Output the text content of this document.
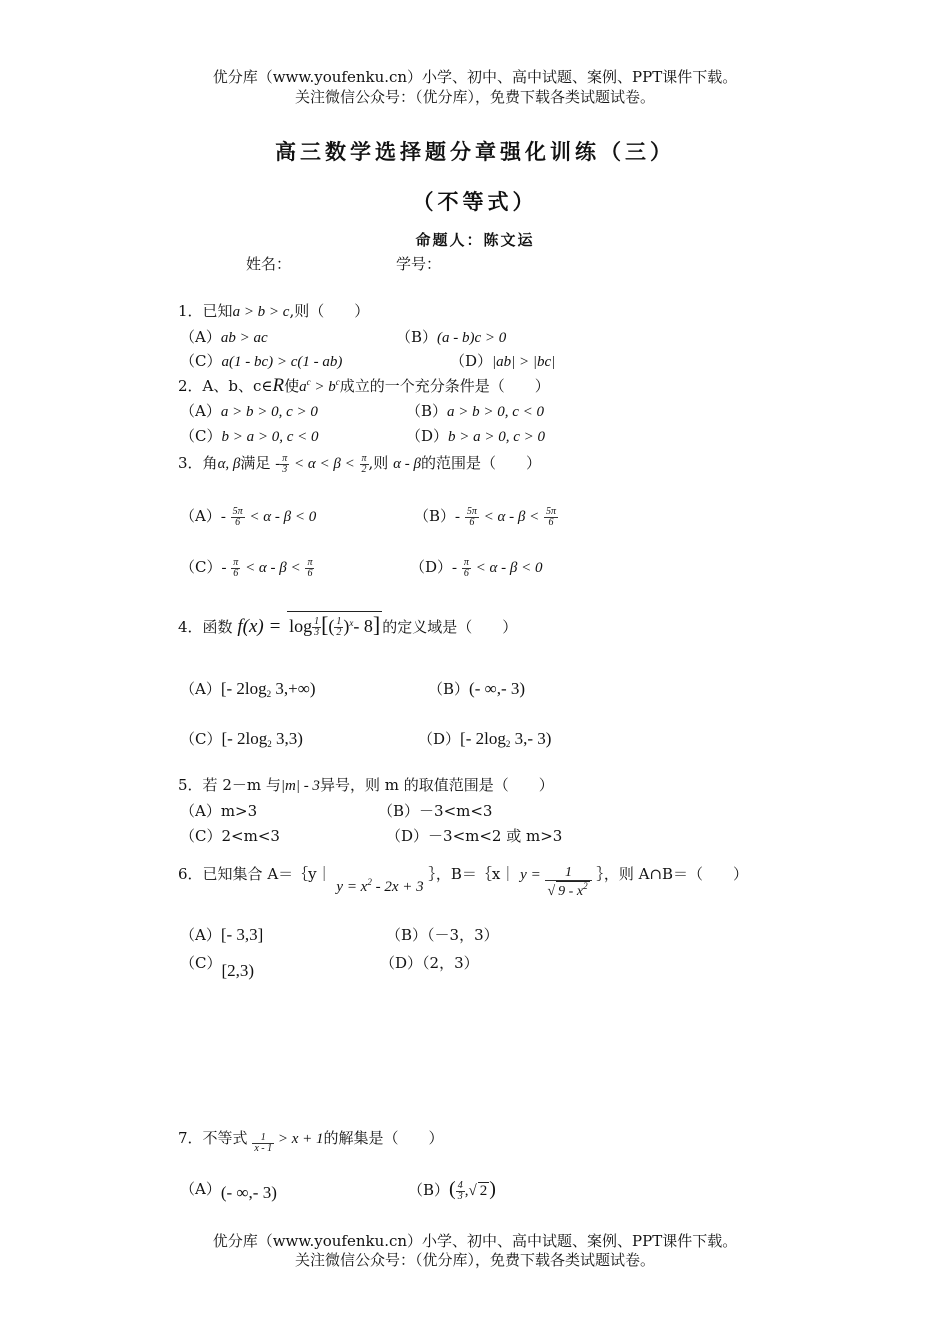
优分库（www.youfenku.cn）小学、初中、高中试题、案例、PPT课件下载。
关注微信公众号：（优分库），免费下载各类试题试卷。
高三数学选择题分章强化训练（三）
（不等式）
命题人：陈文运
姓名：	学号：
1．已知a > b > c,则（　　）
（A）ab > ac	（B）(a - b)c > 0
（C）a(1 - bc) > c(1 - ab)	（D）|ab| > |bc|
2．A、b、c∈R使$a^c > b^c$成立的一个充分条件是（　　）
（A）a > b > 0, c > 0	（B）a > b > 0, c < 0
（C）b > a > 0, c < 0	（D）b > a > 0, c > 0
3．角α, β满足 - $\frac{\pi}{3} < \alpha < \beta < \frac{\pi}{2}$ ,则 α - β的范围是（　　）
$(A)- \frac{5\pi}{6} < \alpha - \beta < 0$	$(B)- \frac{5\pi}{6} < \alpha - \beta < \frac{5\pi}{6}$
$(C)- \frac{\pi}{6} < \alpha - \beta < \frac{\pi}{6}$	$(D)- \frac{\pi}{6} < \alpha - \beta < 0$
4．函数 $f(x) = \log \frac{1}{3}$ [( $\frac{1}{2} )^x-$ 8] 的定义域是（　　）
（A）[- $2\log_2$ 3,+∞)	（B）(- ∞,- 3)
（C）[- $2\log_2$ 3,3)	（D）[- $2\log_2$ 3,- 3)
5．若 2－m 与|m| - 3异号，则 m 的取值范围是（　　）
（A）m>3	（B）－3<m<3
（C）2<m<3	（D）－3<m<2 或 m>3
6．已知集合 A＝｛y｜ $y = x^2 - 2x + 3$ ｝，B＝｛x｜ $y = \frac{1}{√ 9 - x^2}$ ｝，则 A∩B＝（　　）
（A）[- 3,3]	（B）（－3，3）
（C）[2,3)	（D）（2，3）
7．不等式 $\frac{1}{x - 1} > x + 1$的解集是（　　）
（A）(- ∞,- 3)	$(B)( \frac{4}{3}$ ,√ 2 )
优分库（www.youfenku.cn）小学、初中、高中试题、案例、PPT课件下载。
关注微信公众号：（优分库），免费下载各类试题试卷。
